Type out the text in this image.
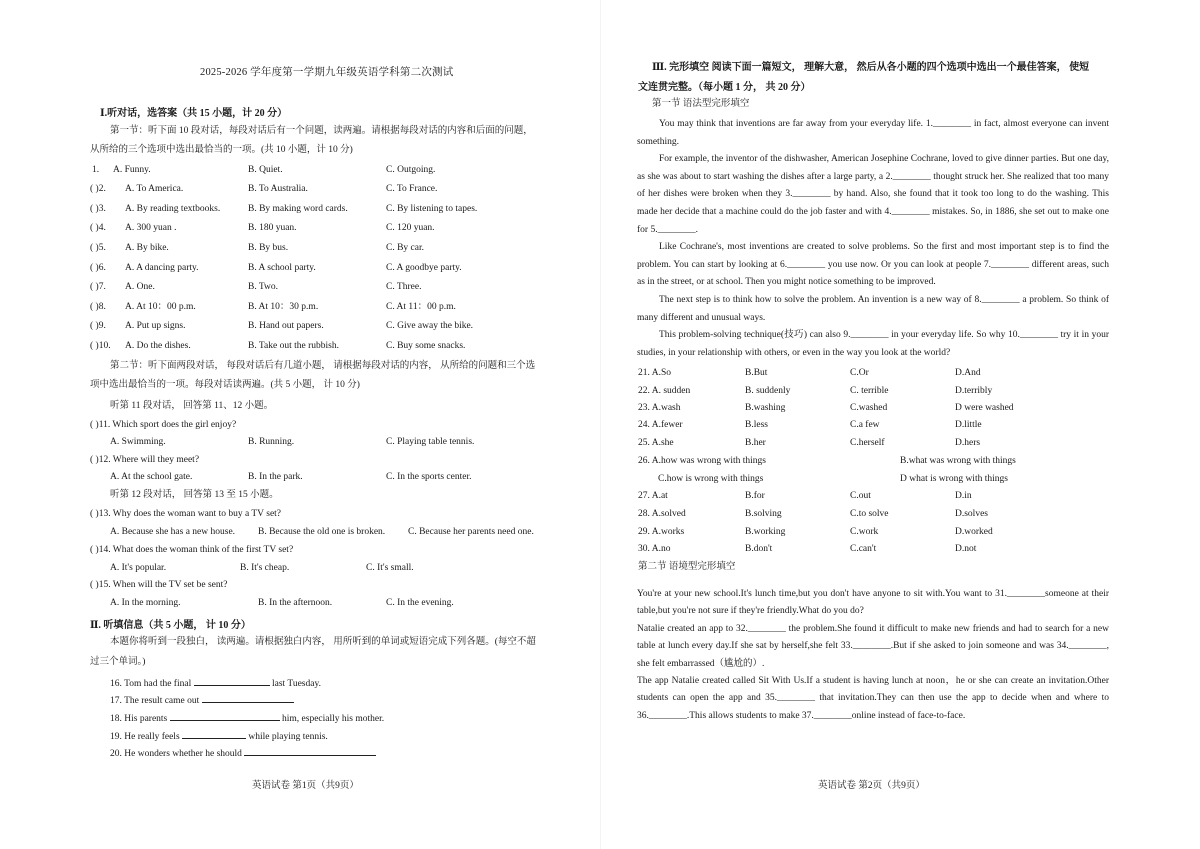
2025-2026 学年度第一学期九年级英语学科第二次测试
Ⅰ.听对话，选答案（共 15 小题，计 20 分）
第一节：听下面 10 段对话，每段对话后有一个问题，读两遍。请根据每段对话的内容和后面的问题，
从所给的三个选项中选出最恰当的一项。(共 10 小题，计 10 分)
1. A. Funny.	B. Quiet.	C. Outgoing.
( )2. A. To America.	B. To Australia.	C. To France.
( )3. A. By reading textbooks.	B. By making word cards.	C. By listening to tapes.
( )4. A. 300 yuan .	B. 180 yuan.	C. 120 yuan.
( )5. A. By bike.	B. By bus.	C. By car.
( )6. A. A dancing party.	B. A school party.	C. A goodbye party.
( )7. A. One.	B. Two.	C. Three.
( )8. A. At 10：00 p.m.	B. At 10：30 p.m.	C. At 11：00 p.m.
( )9. A. Put up signs.	B. Hand out papers.	C. Give away the bike.
( )10. A. Do the dishes.	B. Take out the rubbish.	C. Buy some snacks.
第二节：听下面两段对话， 每段对话后有几道小题， 请根据每段对话的内容， 从所给的问题和三个选
项中选出最恰当的一项。每段对话读两遍。(共 5 小题， 计 10 分)
听第 11 段对话， 回答第 11、12 小题。
( )11. Which sport does the girl enjoy?
A. Swimming.	B. Running.	C. Playing table tennis.
( )12. Where will they meet?
A. At the school gate.	B. In the park.	C. In the sports center.
听第 12 段对话， 回答第 13 至 15 小题。
( )13. Why does the woman want to buy a TV set?
A. Because she has a new house. B. Because the old one is broken. C. Because her parents need one.
( )14. What does the woman think of the first TV set?
A. It's popular.	B. It's cheap.	C. It's small.
( )15. When will the TV set be sent?
A. In the morning.	B. In the afternoon.	C. In the evening.
Ⅱ. 听填信息（共 5 小题， 计 10 分）
本题你将听到一段独白， 读两遍。请根据独白内容， 用所听到的单词或短语完成下列各题。(每空不超
过三个单词。)
16. Tom had the final	last Tuesday.
17. The result came out
18. His parents	him, especially his mother.
19. He really feels	while playing tennis.
20. He wonders whether he should
英语试卷 第1页（共9页）
Ⅲ. 完形填空 阅读下面一篇短文， 理解大意， 然后从各小题的四个选项中选出一个最佳答案， 使短
文连贯完整。（每小题 1 分， 共 20 分）
第一节 语法型完形填空

You may think that inventions are far away from your everyday life. 1.________ in fact, almost everyone can invent something.

For example, the inventor of the dishwasher, American Josephine Cochrane, loved to give dinner parties. But one day, as she was about to start washing the dishes after a large party, a 2.________ thought struck her. She realized that too many of her dishes were broken when they 3.________ by hand. Also, she found that it took too long to do the washing. This made her decide that a machine could do the job faster and with 4.________ mistakes. So, in 1886, she set out to make one for 5.________.

Like Cochrane's, most inventions are created to solve problems. So the first and most important step is to find the problem. You can start by looking at 6.________ you use now. Or you can look at people 7.________ different areas, such as in the street, or at school. Then you might notice something to be improved.

The next step is to think how to solve the problem. An invention is a new way of 8.________ a problem. So think of many different and unusual ways.

This problem-solving technique(技巧) can also 9.________ in your everyday life. So why 10.________ try it in your studies, in your relationship with others, or even in the way you look at the world?

21. A.So	B.But	C.Or	D.And
22. A. sudden	B. suddenly	C. terrible	D.terribly
23. A.wash	B.washing	C.washed	D were washed
24. A.fewer	B.less	C.a few	D.little
25. A.she	B.her	C.herself	D.hers
26. A.how was wrong with things	B.what was wrong with things
C.how is wrong with things	D what is wrong with things
27. A.at	B.for	C.out	D.in
28. A.solved	B.solving	C.to solve	D.solves
29. A.works	B.working	C.work	D.worked
30. A.no	B.don't	C.can't	D.not
第二节 语境型完形填空

You're at your new school.It's lunch time,but you don't have anyone to sit with.You want to 31.________someone at their table,but you're not sure if they're friendly.What do you do?

Natalie created an app to 32.________ the problem.She found it difficult to make new friends and had to search for a new table at lunch every day.If she sat by herself,she felt 33.________.But if she asked to join someone and was 34.________, she felt embarrassed（尴尬的）.

The app Natalie created called Sit With Us.If a student is having lunch at noon，he or she can create an invitation.Other students can open the app and 35.________ that invitation.They can then use the app to decide when and where to 36.________.This allows students to make 37.________online instead of face-to-face.

英语试卷 第2页（共9页）
